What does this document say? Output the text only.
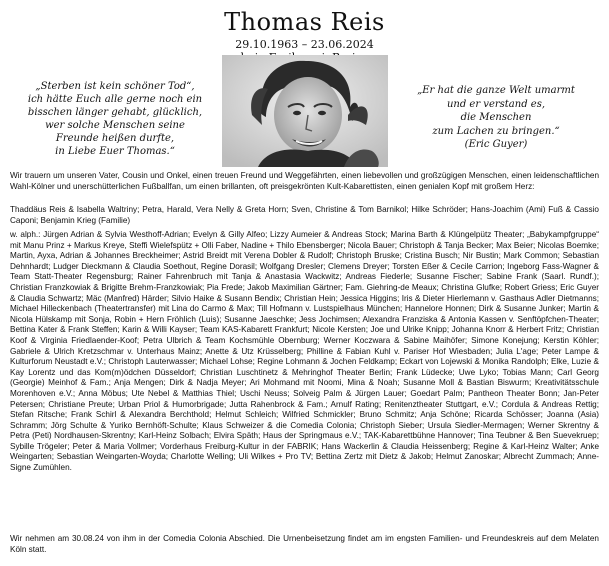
Thomas Reis
29.10.1963 – 23.06.2024
„Sterben ist kein schöner Tod“,
ich hätte Euch alle gerne noch ein
bisschen länger gehabt, glücklich,
wer solche Menschen seine
Freunde heißen durfte,
in Liebe Euer Thomas.“
„Er hat die ganze Welt umarmt
und er verstand es,
die Menschen
zum Lachen zu bringen.“
(Eric Guyer)
Wir trauern um unseren Vater, Cousin und Onkel, einen treuen Freund und Weggefährten, einen liebevollen und großzügigen Menschen, einen leidenschaftlichen Wahl-Kölner und unerschütterlichen Fußballfan, um einen brillanten, oft preisgekrönten Kult-Kabarettisten, einen genialen Kopf mit großem Herz:
Thaddäus Reis & Isabella Waltriny; Petra, Harald, Vera Nelly & Greta Horn; Sven, Christine & Tom Barnikol; Hilke Schröder; Hans-Joachim (Ami) Fuß & Cassio Caponi; Benjamin Krieg (Familie)
w. alph.: Jürgen Adrian & Sylvia Westhoff-Adrian; Evelyn & Gilly Alfeo; Lizzy Aumeier & Andreas Stock; Marina Barth & Klüngelpütz Theater; „Babykampfgruppe“ mit Manu Prinz + Markus Kreye, Steffi Wielefspütz + Olli Faber, Nadine + Thilo Ebensberger; Nicola Bauer; Christoph & Tanja Becker; Max Beier; Nicolas Boemke; Martin, Ayxa, Adrian & Johannes Breckheimer; Astrid Breidt mit Verena Dobler & Rudolf; Christoph Bruske; Cristina Busch; Nir Bustin; Mark Common; Sebastian Dehnhardt; Ludger Dieckmann & Claudia Soethout, Regine Dorasil; Wolfgang Dresler; Clemens Dreyer; Torsten Eßer & Cecile Carrion; Ingeborg Fass-Wagner & Team Statt-Theater Regensburg; Rainer Fahrenbruch mit Tanja & Anastasia Wackwitz; Andreas Fiederle; Susanne Fischer; Sabine Frank (Saarl. Rundf.); Christian Franzkowiak & Brigitte Brehm-Franzkowiak; Pia Frede; Jakob Maximilian Gärtner; Fam. Giehring-de Meaux; Christina Glufke; Robert Griess; Eric Guyer & Claudia Schwartz; Mäc (Manfred) Härder; Silvio Haike & Susann Bendix; Christian Hein; Jessica Higgins; Iris & Dieter Hierlemann v. Gasthaus Adler Dietmanns; Michael Hilleckenbach (Theatertransfer) mit Lina do Carmo & Max; Till Hofmann v. Lustspielhaus München; Hannelore Honnen; Dirk & Susanne Junker; Martin & Nicola Hülskamp mit Sonja, Robin + Hern Fröhlich (Luis); Susanne Jaeschke; Jess Jochimsen; Alexandra Franziska & Antonia Kassen v. Senftöpfchen-Theater; Bettina Kater & Frank Steffen; Karin & Willi Kayser; Team KAS-Kabarett Frankfurt; Nicole Kersten; Joe und Ulrike Knipp; Johanna Knorr & Herbert Fritz; Christian Koof & Virginia Friedlaender-Koof; Petra Ulbrich & Team Kochsmühle Obernburg; Werner Koczwara & Sabine Maihöfer; Simone Konejung; Kerstin Köhler; Gabriele & Ulrich Kretzschmar v. Unterhaus Mainz; Anette & Utz Krüsselberg; Philline & Fabian Kuhl v. Pariser Hof Wiesbaden; Julia L'age; Peter Lampe & Kulturforum Neustadt e.V.; Christoph Lauterwasser; Michael Lohse; Regine Lohmann & Jochen Feldkamp; Eckart von Lojewski & Monika Randolph; Elke, Luzie & Kay Lorentz und das Kom(m)ödchen Düsseldorf; Christian Luschtinetz & Mehringhof Theater Berlin; Frank Lüdecke; Uwe Lyko; Tobias Mann; Carl Georg (Georgie) Meinhof & Fam.; Anja Mengen; Dirk & Nadja Meyer; Ari Mohmand mit Noomi, Mina & Noah; Susanne Moll & Bastian Biswurm; Kreativitätsschule Morenhoven e.V.; Anna Möbus; Ute Nebel & Matthias Thiel; Uschi Neuss; Solveig Palm & Jürgen Lauer; Goedart Palm; Pantheon Theater Bonn; Jan-Peter Petersen; Christiane Preute; Urban Priol & Humorbrigade; Jutta Rahenbrock & Fam.; Arnulf Rating; Renitenztheater Stuttgart, e.V.; Cordula & Andreas Rettig; Stefan Ritsche; Frank Schirl & Alexandra Berchthold; Helmut Schleich; Wilfried Schmickler; Bruno Schmitz; Anja Schöne; Ricarda Schösser; Joanna (Asia) Schramm; Jörg Schulte & Yuriko Bernhöft-Schulte; Klaus Schweizer & die Comedia Colonia; Christoph Sieber; Ursula Siedler-Mermagen; Werner Skrentny & Petra (Peti) Nordhausen-Skrentny; Karl-Heinz Solbach; Elvira Späth; Haus der Springmaus e.V.; TAK-Kabarettbühne Hannover; Tina Teubner & Ben Suevekruep; Sybille Trögeler; Peter & Maria Vollmer; Vorderhaus Freiburg-Kultur in der FABRIK; Hans Wackerlin & Claudia Heissenberg; Regine & Karl-Heinz Walter; Anke Weingarten; Sebastian Weingarten-Woyda; Charlotte Welling; Uli Wilkes + Pro TV; Bettina Zertz mit Dietz & Jakob; Helmut Zanoskar; Albrecht Zummach; Anne-Signe Zumühlen.
Wir nehmen am 30.08.24 von ihm in der Comedia Colonia Abschied. Die Urnenbeisetzung findet am im engsten Familien- und Freundeskreis auf dem Melaten Köln statt.
